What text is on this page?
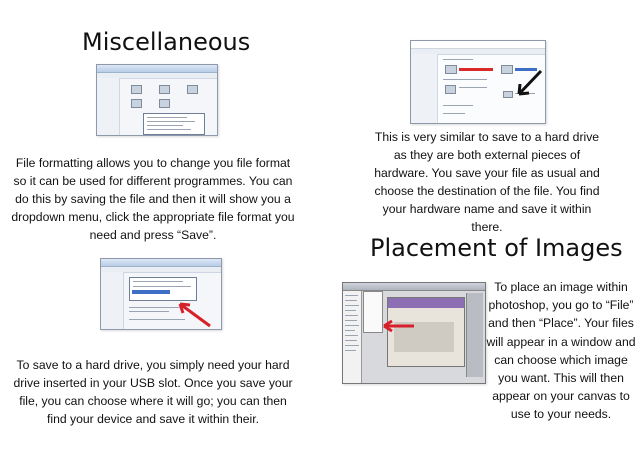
Miscellaneous
File formatting allows you to change you file format so it can be used for different programmes. You can do this by saving the file and then it will show you a dropdown menu, click the appropriate file format you need and press “Save”.
To save to a hard drive, you simply need your hard drive inserted in your USB slot. Once you save your file, you can choose where it will go; you can then find your device and save it within their.
This is very similar to save to a hard drive as they are both external pieces of hardware. You save your file as usual and choose the destination of the file. You find your hardware name and save it within there.
Placement of Images
To place an image within photoshop, you go to “File” and then “Place”. Your files will appear in a window and can choose which image you want. This will then appear on your canvas to use to your needs.
